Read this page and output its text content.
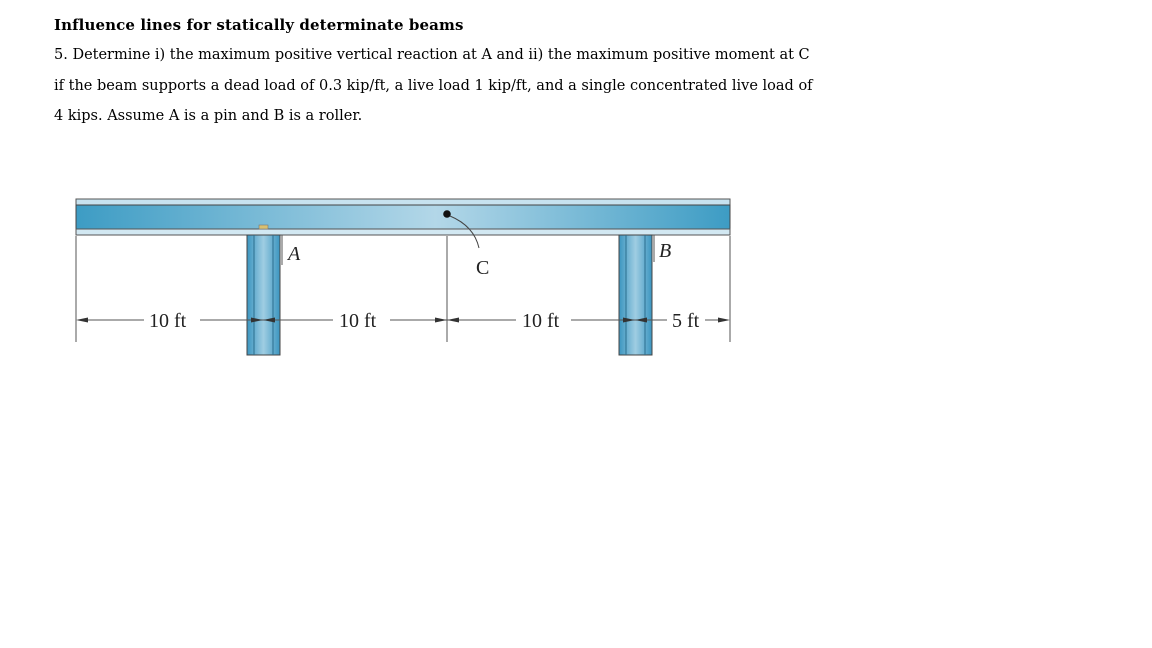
Influence lines for statically determinate beams
5. Determine i) the maximum positive vertical reaction at A and ii) the maximum positive moment at C
if the beam supports a dead load of 0.3 kip/ft, a live load 1 kip/ft, and a single concentrated live load of
4 kips. Assume A is a pin and B is a roller.
A	B
C
10 ft	10 ft	10 ft	5 ft
